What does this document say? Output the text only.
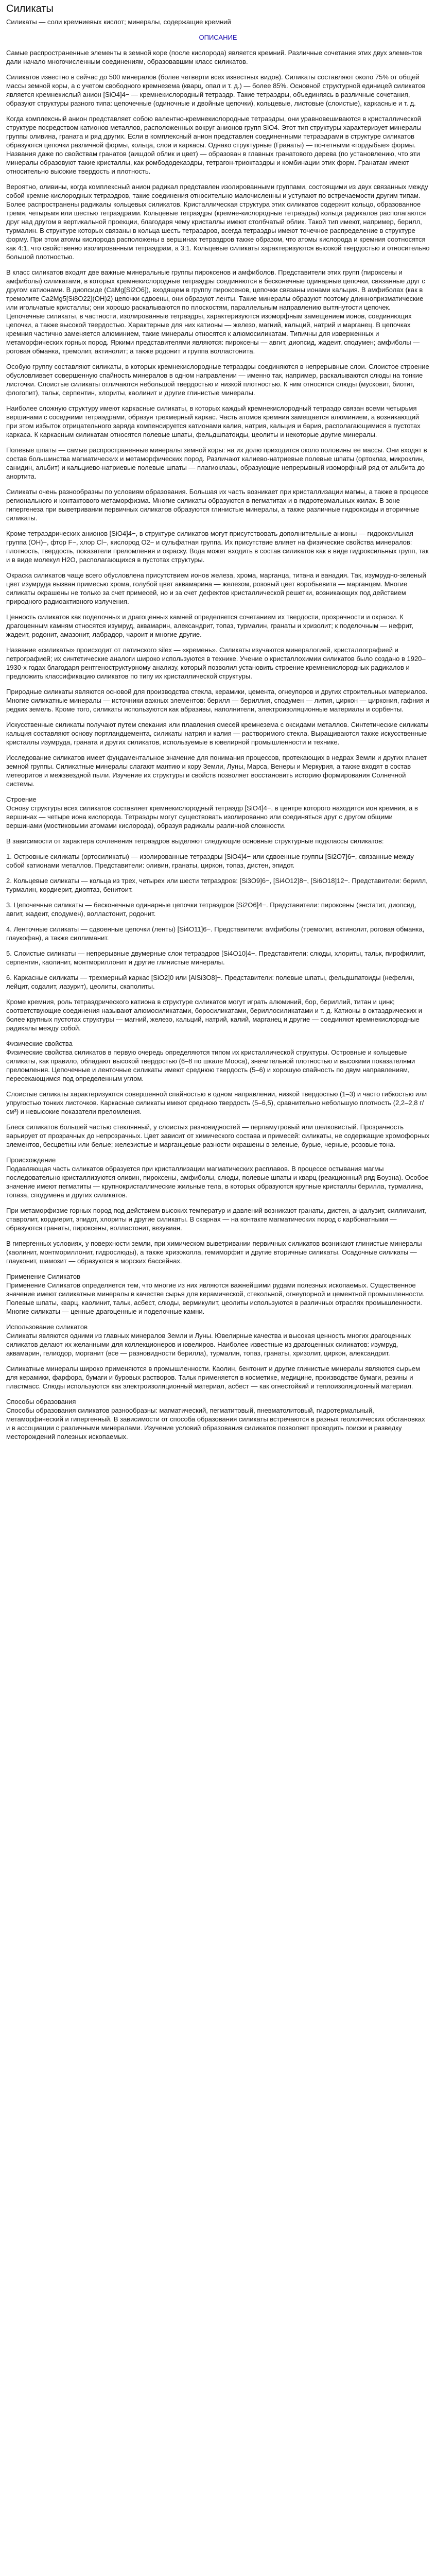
Силикаты
Силикаты — соли кремниевых кислот; минералы, содержащие кремний
ОПИСАНИЕ
Самые распространенные элементы в земной коре (после кислорода) является кремний. Различные сочетания этих двух элементов дали начало многочисленным соединениям, образовавшим класс силикатов.
Силикатов известно в сейчас до 500 минералов (более четверти всех известных видов). Силикаты составляют около 75% от общей массы земной коры, а с учетом свободного кремнезема (кварц, опал и т. д.) — более 85%. Основной структурной единицей силикатов является кремнекислый анион [SiO4]4− — кремнекислородный тетраэдр. Такие тетраэдры, объединяясь в различные сочетания, образуют структуры разного типа: цепочечные (одиночные и двойные цепочки), кольцевые, листовые (слоистые), каркасные и т. д.
Когда комплексный анион представляет собою валентно-кремнекислородные тетраэдры, они уравновешиваются в кристаллической структуре посредством катионов металлов, расположенных вокруг анионов групп SiO4. Этот тип структуры характеризует минералы группы оливина, граната и ряд других. Если в комплексный анион представлен соединенными тетраэдрами в структуре силикатов образуются цепочки различной формы, кольца, слои и каркасы. Однако структурные (Гранаты) — по-гетными «гордыбые» формы. Названия даже по свойствам гранатов (аишдой облик и цвет) — образован в главных гранатового дерева (по установлению, что эти минералы образовуют такие кристаллы, как ромбододекаэдры, тетрагон-триоктаэдры и комбинации этих форм. Гранатам имеют относительно высокие твердость и плотность.
Вероятно, оливины, когда комплексный анион радикал представлен изолированными группами, состоящими из двух связанных между собой кремне-кислородных тетраэдров, такие соединения относительно малочисленны и уступают по встречаемости другим типам. Более распространены радикалы кольцевых силикатов. Кристаллическая структура этих силикатов содержит кольцо, образованное тремя, четырьмя или шестью тетраэдрами. Кольцевые тетраэдры (кремне-кислородные тетраэдры) кольца радикалов располагаются друг над другом в вертикальной проекции, благодаря чему кристаллы имеют столбчатый облик. Такой тип имеют, например, берилл, турмалин. В структуре которых связаны в кольца шесть тетраэдров, всегда тетраэдры имеют точечное распределение в структуре форму. При этом атомы кислорода расположены в вершинах тетраэдров также образом, что атомы кислорода и кремния соотносятся как 4:1, что свойственно изолированным тетраэдрам, а 3:1. Кольцевые силикаты характеризуются высокой твердостью и относительно большой плотностью.
В класс силикатов входят две важные минеральные группы пироксенов и амфиболов. Представители этих групп (пироксены и амфиболы) силикатами, в которых кремнекислородные тетраэдры соединяются в бесконечные одинарные цепочки, связанные друг с другом катионами. В диопсиде (CaMg[Si2O6]), входящем в группу пироксенов, цепочки связаны ионами кальция. В амфиболах (как в тремолите Ca2Mg5[Si8O22](OH)2) цепочки сдвоены, они образуют ленты. Такие минералы образуют поэтому длиннопризматические или игольчатые кристаллы; они хорошо раскалываются по плоскостям, параллельным направлению вытянутости цепочек. Цепочечные силикаты, в частности, изолированные тетраэдры, характеризуются изоморфным замещением ионов, соединяющих цепочки, а также высокой твердостью. Характерные для них катионы — железо, магний, кальций, натрий и марганец. В цепочках кремния частично заменяется алюминием, такие минералы относятся к алюмосиликатам. Типичны для изверженных и метаморфических горных пород. Яркими представителями являются: пироксены — авгит, диопсид, жадеит, сподумен; амфиболы — роговая обманка, тремолит, актинолит; а также родонит и группа волластонита.
Особую группу составляют силикаты, в которых кремнекислородные тетраэдры соединяются в непрерывные слои. Слоистое строение обусловливает совершенную спайность минералов в одном направлении — именно так, например, раскалываются слюды на тонкие листочки. Слоистые силикаты отличаются небольшой твердостью и низкой плотностью. К ним относятся слюды (мусковит, биотит, флогопит), тальк, серпентин, хлориты, каолинит и другие глинистые минералы.
Наиболее сложную структуру имеют каркасные силикаты, в которых каждый кремнекислородный тетраэдр связан всеми четырьмя вершинами с соседними тетраэдрами, образуя трехмерный каркас. Часть атомов кремния замещается алюминием, а возникающий при этом избыток отрицательного заряда компенсируется катионами калия, натрия, кальция и бария, располагающимися в пустотах каркаса. К каркасным силикатам относятся полевые шпаты, фельдшпатоиды, цеолиты и некоторые другие минералы.
Полевые шпаты — самые распространенные минералы земной коры: на их долю приходится около половины ее массы. Они входят в состав большинства магматических и метаморфических пород. Различают калиево-натриевые полевые шпаты (ортоклаз, микроклин, санидин, альбит) и кальциево-натриевые полевые шпаты — плагиоклазы, образующие непрерывный изоморфный ряд от альбита до анортита.
Силикаты очень разнообразны по условиям образования. Большая их часть возникает при кристаллизации магмы, а также в процессе регионального и контактового метаморфизма. Многие силикаты образуются в пегматитах и в гидротермальных жилах. В зоне гипергенеза при выветривании первичных силикатов образуются глинистые минералы, а также различные гидроксиды и вторичные силикаты.
Кроме тетраэдрических анионов [SiO4]4−, в структуре силикатов могут присутствовать дополнительные анионы — гидроксильная группа (OH)−, фтор F−, хлор Cl−, кислород O2− и сульфатная группа. Их присутствие влияет на физические свойства минералов: плотность, твердость, показатели преломления и окраску. Вода может входить в состав силикатов как в виде гидроксильных групп, так и в виде молекул H2O, располагающихся в пустотах структуры.
Окраска силикатов чаще всего обусловлена присутствием ионов железа, хрома, марганца, титана и ванадия. Так, изумрудно-зеленый цвет изумруда вызван примесью хрома, голубой цвет аквамарина — железом, розовый цвет воробьевита — марганцем. Многие силикаты окрашены не только за счет примесей, но и за счет дефектов кристаллической решетки, возникающих под действием природного радиоактивного излучения.
Ценность силикатов как поделочных и драгоценных камней определяется сочетанием их твердости, прозрачности и окраски. К драгоценным камням относятся изумруд, аквамарин, александрит, топаз, турмалин, гранаты и хризолит; к поделочным — нефрит, жадеит, родонит, амазонит, лабрадор, чароит и многие другие.
Название «силикаты» происходит от латинского silex — «кремень». Силикаты изучаются минералогией, кристаллографией и петрографией; их синтетические аналоги широко используются в технике. Учение о кристаллохимии силикатов было создано в 1920–1930-х годах благодаря рентгеноструктурному анализу, который позволил установить строение кремнекислородных радикалов и предложить классификацию силикатов по типу их кристаллической структуры.
Природные силикаты являются основой для производства стекла, керамики, цемента, огнеупоров и других строительных материалов. Многие силикатные минералы — источники важных элементов: берилл — бериллия, сподумен — лития, циркон — циркония, гафния и редких земель. Кроме того, силикаты используются как абразивы, наполнители, электроизоляционные материалы и сорбенты.
Искусственные силикаты получают путем спекания или плавления смесей кремнезема с оксидами металлов. Синтетические силикаты кальция составляют основу портландцемента, силикаты натрия и калия — растворимого стекла. Выращиваются также искусственные кристаллы изумруда, граната и других силикатов, используемые в ювелирной промышленности и технике.
Исследование силикатов имеет фундаментальное значение для понимания процессов, протекающих в недрах Земли и других планет земной группы. Силикатные минералы слагают мантию и кору Земли, Луны, Марса, Венеры и Меркурия, а также входят в состав метеоритов и межзвездной пыли. Изучение их структуры и свойств позволяет восстановить историю формирования Солнечной системы.
Строение
Основу структуры всех силикатов составляет кремнекислородный тетраэдр [SiO4]4−, в центре которого находится ион кремния, а в вершинах — четыре иона кислорода. Тетраэдры могут существовать изолированно или соединяться друг с другом общими вершинами (мостиковыми атомами кислорода), образуя радикалы различной сложности.
В зависимости от характера сочленения тетраэдров выделяют следующие основные структурные подклассы силикатов:
1. Островные силикаты (ортосиликаты) — изолированные тетраэдры [SiO4]4− или сдвоенные группы [Si2O7]6−, связанные между собой катионами металлов. Представители: оливин, гранаты, циркон, топаз, дистен, эпидот.
2. Кольцевые силикаты — кольца из трех, четырех или шести тетраэдров: [Si3O9]6−, [Si4O12]8−, [Si6O18]12−. Представители: берилл, турмалин, кордиерит, диоптаз, бенитоит.
3. Цепочечные силикаты — бесконечные одинарные цепочки тетраэдров [Si2O6]4−. Представители: пироксены (энстатит, диопсид, авгит, жадеит, сподумен), волластонит, родонит.
4. Ленточные силикаты — сдвоенные цепочки (ленты) [Si4O11]6−. Представители: амфиболы (тремолит, актинолит, роговая обманка, глаукофан), а также силлиманит.
5. Слоистые силикаты — непрерывные двумерные слои тетраэдров [Si4O10]4−. Представители: слюды, хлориты, тальк, пирофиллит, серпентин, каолинит, монтмориллонит и другие глинистые минералы.
6. Каркасные силикаты — трехмерный каркас [SiO2]0 или [AlSi3O8]−. Представители: полевые шпаты, фельдшпатоиды (нефелин, лейцит, содалит, лазурит), цеолиты, скаполиты.
Кроме кремния, роль тетраэдрического катиона в структуре силикатов могут играть алюминий, бор, бериллий, титан и цинк; соответствующие соединения называют алюмосиликатами, боросиликатами, бериллосиликатами и т. д. Катионы в октаэдрических и более крупных пустотах структуры — магний, железо, кальций, натрий, калий, марганец и другие — соединяют кремнекислородные радикалы между собой.
Физические свойства
Физические свойства силикатов в первую очередь определяются типом их кристаллической структуры. Островные и кольцевые силикаты, как правило, обладают высокой твердостью (6–8 по шкале Мооса), значительной плотностью и высокими показателями преломления. Цепочечные и ленточные силикаты имеют среднюю твердость (5–6) и хорошую спайность по двум направлениям, пересекающимся под определенным углом.
Слоистые силикаты характеризуются совершенной спайностью в одном направлении, низкой твердостью (1–3) и часто гибкостью или упругостью тонких листочков. Каркасные силикаты имеют среднюю твердость (5–6,5), сравнительно небольшую плотность (2,2–2,8 г/см³) и невысокие показатели преломления.
Блеск силикатов большей частью стеклянный, у слоистых разновидностей — перламутровый или шелковистый. Прозрачность варьирует от прозрачных до непрозрачных. Цвет зависит от химического состава и примесей: силикаты, не содержащие хромофорных элементов, бесцветны или белые; железистые и марганцевые разности окрашены в зеленые, бурые, черные, розовые тона.
Происхождение
Подавляющая часть силикатов образуется при кристаллизации магматических расплавов. В процессе остывания магмы последовательно кристаллизуются оливин, пироксены, амфиболы, слюды, полевые шпаты и кварц (реакционный ряд Боуэна). Особое значение имеют пегматиты — крупнокристаллические жильные тела, в которых образуются крупные кристаллы берилла, турмалина, топаза, сподумена и других силикатов.
При метаморфизме горных пород под действием высоких температур и давлений возникают гранаты, дистен, андалузит, силлиманит, ставролит, кордиерит, эпидот, хлориты и другие силикаты. В скарнах — на контакте магматических пород с карбонатными — образуются гранаты, пироксены, волластонит, везувиан.
В гипергенных условиях, у поверхности земли, при химическом выветривании первичных силикатов возникают глинистые минералы (каолинит, монтмориллонит, гидрослюды), а также хризоколла, гемиморфит и другие вторичные силикаты. Осадочные силикаты — глауконит, шамозит — образуются в морских бассейнах.
Применение Силикатов
Применение Силикатов определяется тем, что многие из них являются важнейшими рудами полезных ископаемых. Существенное значение имеют силикатные минералы в качестве сырья для керамической, стекольной, огнеупорной и цементной промышленности. Полевые шпаты, кварц, каолинит, тальк, асбест, слюды, вермикулит, цеолиты используются в различных отраслях промышленности. Многие силикаты — ценные драгоценные и поделочные камни.
Использование силикатов
Силикаты являются одними из главных минералов Земли и Луны. Ювелирные качества и высокая ценность многих драгоценных силикатов делают их желанными для коллекционеров и ювелиров. Наиболее известные из драгоценных силикатов: изумруд, аквамарин, гелиодор, морганит (все — разновидности берилла), турмалин, топаз, гранаты, хризолит, циркон, александрит.
Силикатные минералы широко применяются в промышленности. Каолин, бентонит и другие глинистые минералы являются сырьем для керамики, фарфора, бумаги и буровых растворов. Тальк применяется в косметике, медицине, производстве бумаги, резины и пластмасс. Слюды используются как электроизоляционный материал, асбест — как огнестойкий и теплоизоляционный материал.
Способы образования
Способы образования силикатов разнообразны: магматический, пегматитовый, пневматолитовый, гидротермальный, метаморфический и гипергенный. В зависимости от способа образования силикаты встречаются в разных геологических обстановках и в ассоциации с различными минералами. Изучение условий образования силикатов позволяет проводить поиски и разведку месторождений полезных ископаемых.
